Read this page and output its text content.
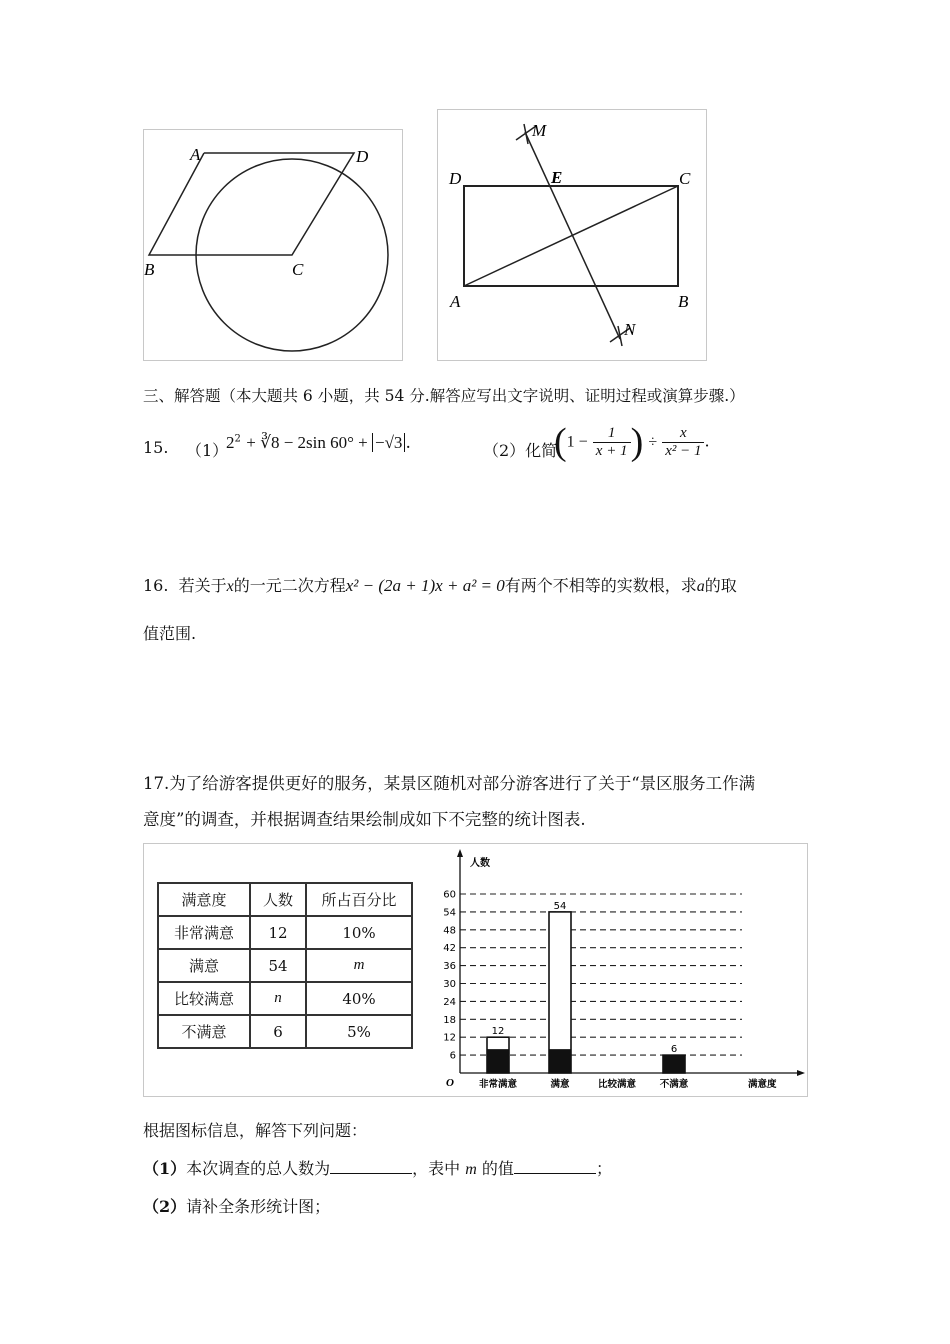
A	D
B	C
M
D	E	C
A	B
N
三、解答题（本大题共 6 小题，共 54 分.解答应写出文字说明、证明过程或演算步骤.）
15. （1）
$2^2$ + ∛8 − 2sin 60° + −√3 .	（2）化简
($1 - \frac{1}{x + 1}$ ) ÷ $\frac{x}{\text{x² − 1}}$ .
16. 若关于x的一元二次方程x² − (2a + 1)x + a² = 0有两个不相等的实数根，求a的取
值范围.
17.为了给游客提供更好的服务，某景区随机对部分游客进行了关于“景区服务工作满
意度”的调查，并根据调查结果绘制成如下不完整的统计图表.
满意度	人数	所占百分比
非常满意	12	10%
满意	54	m
比较满意	n	40%
不满意	6	5%
6
12
18
24
30
36
42
48
54
60
12
非常满意
54
满意	比较满意
6
不满意
人数
满意度
O
根据图标信息，解答下列问题：
（1）本次调查的总人数为	，表中 m 的值	；
（2）请补全条形统计图；
